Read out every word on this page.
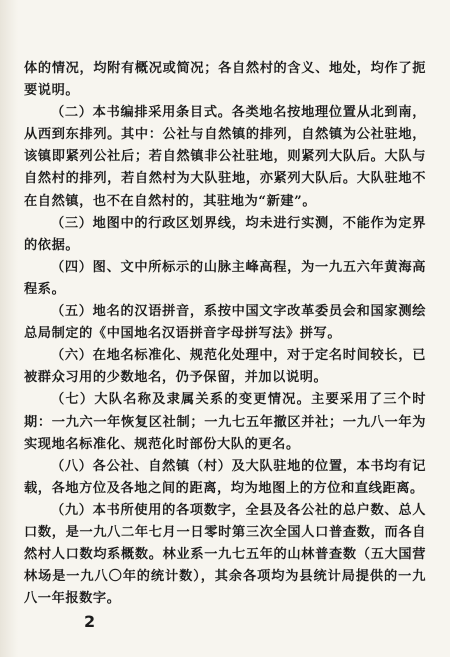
体的情况，均附有概况或简况；各自然村的含义、地处，均作了扼要说明。

（二）本书编排采用条目式。各类地名按地理位置从北到南，从西到东排列。其中：公社与自然镇的排列，自然镇为公社驻地，该镇即紧列公社后；若自然镇非公社驻地，则紧列大队后。大队与自然村的排列，若自然村为大队驻地，亦紧列大队后。大队驻地不在自然镇，也不在自然村的，其驻地为“新建”。

（三）地图中的行政区划界线，均未进行实测，不能作为定界的依据。

（四）图、文中所标示的山脉主峰高程，为一九五六年黄海高程系。

（五）地名的汉语拼音，系按中国文字改革委员会和国家测绘总局制定的《中国地名汉语拼音字母拼写法》拼写。

（六）在地名标准化、规范化处理中，对于定名时间较长，已被群众习用的少数地名，仍予保留，并加以说明。

（七）大队名称及隶属关系的变更情况。主要采用了三个时期：一九六一年恢复区社制；一九七五年撤区并社；一九八一年为实现地名标准化、规范化时部份大队的更名。

（八）各公社、自然镇（村）及大队驻地的位置，本书均有记载，各地方位及各地之间的距离，均为地图上的方位和直线距离。

（九）本书所使用的各项数字，全县及各公社的总户数、总人口数，是一九八二年七月一日零时第三次全国人口普查数，而各自然村人口数均系概数。林业系一九七五年的山林普查数（五大国营林场是一九八〇年的统计数），其余各项均为县统计局提供的一九八一年报数字。

2
